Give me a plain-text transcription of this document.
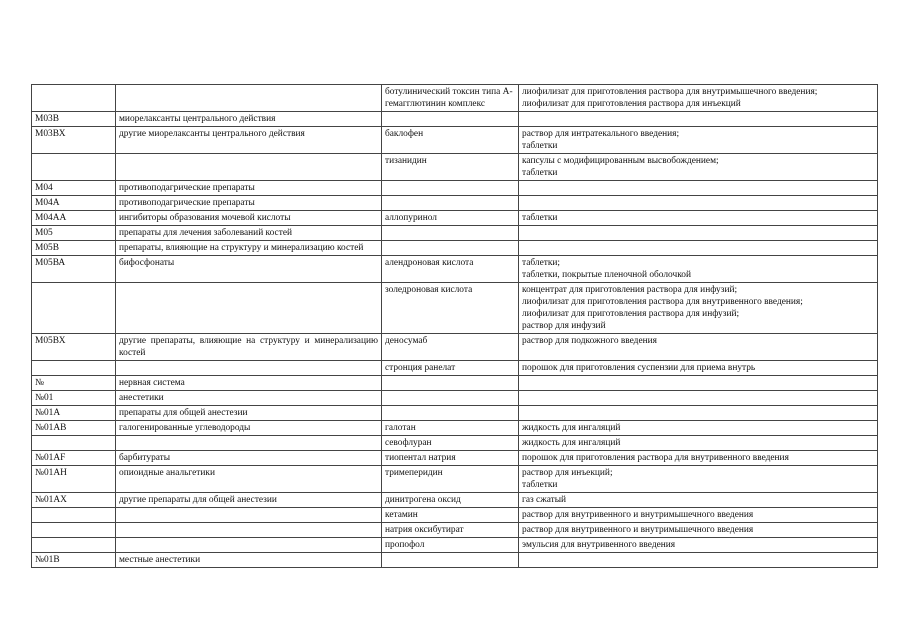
		ботулинический токсин типа А-гемагглютинин комплекс	лиофилизат для приготовления раствора для внутримышечного введения;
лиофилизат для приготовления раствора для инъекций

М03В	миорелаксанты центрального действия		
М03ВХ	другие миорелаксанты центрального действия	баклофен	раствор для интратекального введения;
таблетки

		тизанидин	капсулы с модифицированным высвобождением;
таблетки

М04	противоподагрические препараты		
М04А	противоподагрические препараты		
М04АА	ингибиторы образования мочевой кислоты	аллопуринол	таблетки

М05	препараты для лечения заболеваний костей		
М05В	препараты, влияющие на структуру и минерализацию костей		
М05ВА	бифосфонаты	алендроновая кислота	таблетки;
таблетки, покрытые пленочной оболочкой

		золедроновая кислота	концентрат для приготовления раствора для инфузий;
лиофилизат для приготовления раствора для внутривенного введения;
лиофилизат для приготовления раствора для инфузий;
раствор для инфузий

М05ВХ	другие препараты, влияющие на структуру и минерализацию костей	деносумаб	раствор для подкожного введения

		стронция ранелат	порошок для приготовления суспензии для приема внутрь

№	нервная система		
№01	анестетики		
№01А	препараты для общей анестезии		
№01АВ	галогенированные углеводороды	галотан	жидкость для ингаляций

		севофлуран	жидкость для ингаляций

№01AF	барбитураты	тиопентал натрия	порошок для приготовления раствора для внутривенного введения

№01АН	опиоидные анальгетики	тримеперидин	раствор для инъекций;
таблетки

№01АХ	другие препараты для общей анестезии	динитрогена оксид	газ сжатый

		кетамин	раствор для внутривенного и внутримышечного введения

		натрия оксибутират	раствор для внутривенного и внутримышечного введения

		пропофол	эмульсия для внутривенного введения

№01В	местные анестетики		
